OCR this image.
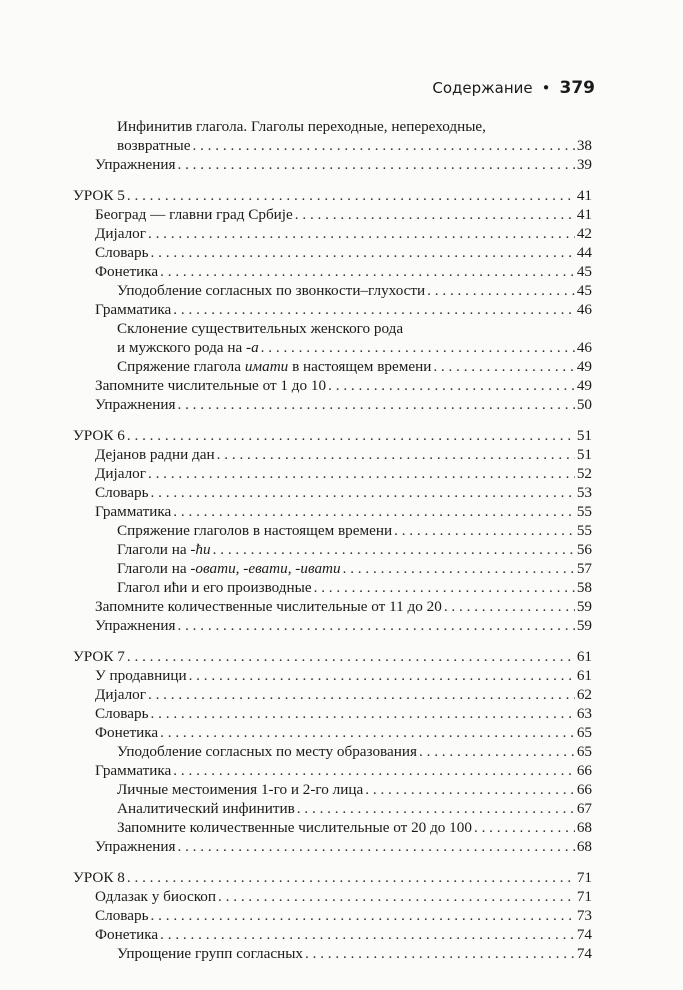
Содержание • 379
Инфинитив глагола. Глаголы переходные, непереходные,
возвратные . . .	38
Упражнения . . .	39
УРОК 5 . . .	41
Београд — главни град Србије . . .	41
Дијалог . . .	42
Словарь . . .	44
Фонетика . . .	45
Уподобление согласных по звонкости–глухости . . .	45
Грамматика . . .	46
Склонение существительных женского рода
и мужского рода на -а . . .	46
Спряжение глагола имати в настоящем времени . . .	49
Запомните числительные от 1 до 10 . . .	49
Упражнения . . .	50
УРОК 6 . . .	51
Дејанов радни дан . . .	51
Дијалог . . .	52
Словарь . . .	53
Грамматика . . .	55
Спряжение глаголов в настоящем времени . . .	55
Глаголи на -ћи . . .	56
Глаголи на -овати, -евати, -ивати . . .	57
Глагол ићи и его производные . . .	58
Запомните количественные числительные от 11 до 20 . . .	59
Упражнения . . .	59
УРОК 7 . . .	61
У продавници . . .	61
Дијалог . . .	62
Словарь . . .	63
Фонетика . . .	65
Уподобление согласных по месту образования . . .	65
Грамматика . . .	66
Личные местоимения 1-го и 2-го лица . . .	66
Аналитический инфинитив . . .	67
Запомните количественные числительные от 20 до 100 . . .	68
Упражнения . . .	68
УРОК 8 . . .	71
Одлазак у биоскоп . . .	71
Словарь . . .	73
Фонетика . . .	74
Упрощение групп согласных . . .	74
